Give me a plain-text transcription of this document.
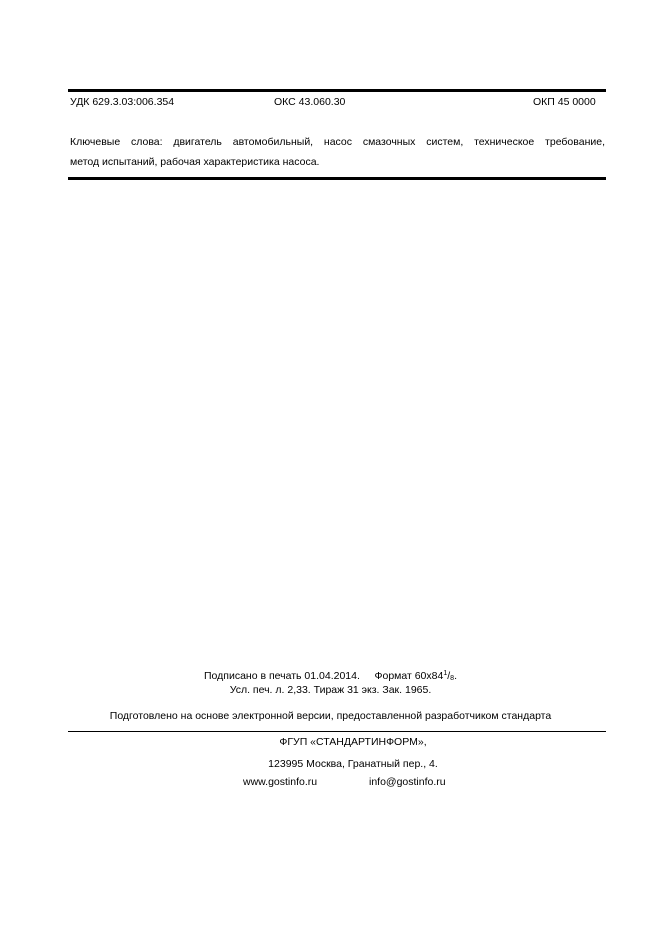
УДК 629.3.03:006.354	ОКС 43.060.30	ОКП 45 0000

Ключевые слова: двигатель автомобильный, насос смазочных систем, техническое требование,
метод испытаний, рабочая характеристика насоса.

Подписано в печать 01.04.2014. Формат $60x84^1/_8$.
Усл. печ. л. 2,33. Тираж 31 экз. Зак. 1965.
Подготовлено на основе электронной версии, предоставленной разработчиком стандарта
ФГУП «СТАНДАРТИНФОРМ»,
123995 Москва, Гранатный пер., 4.
www.gostinfo.ru	info@gostinfo.ru
